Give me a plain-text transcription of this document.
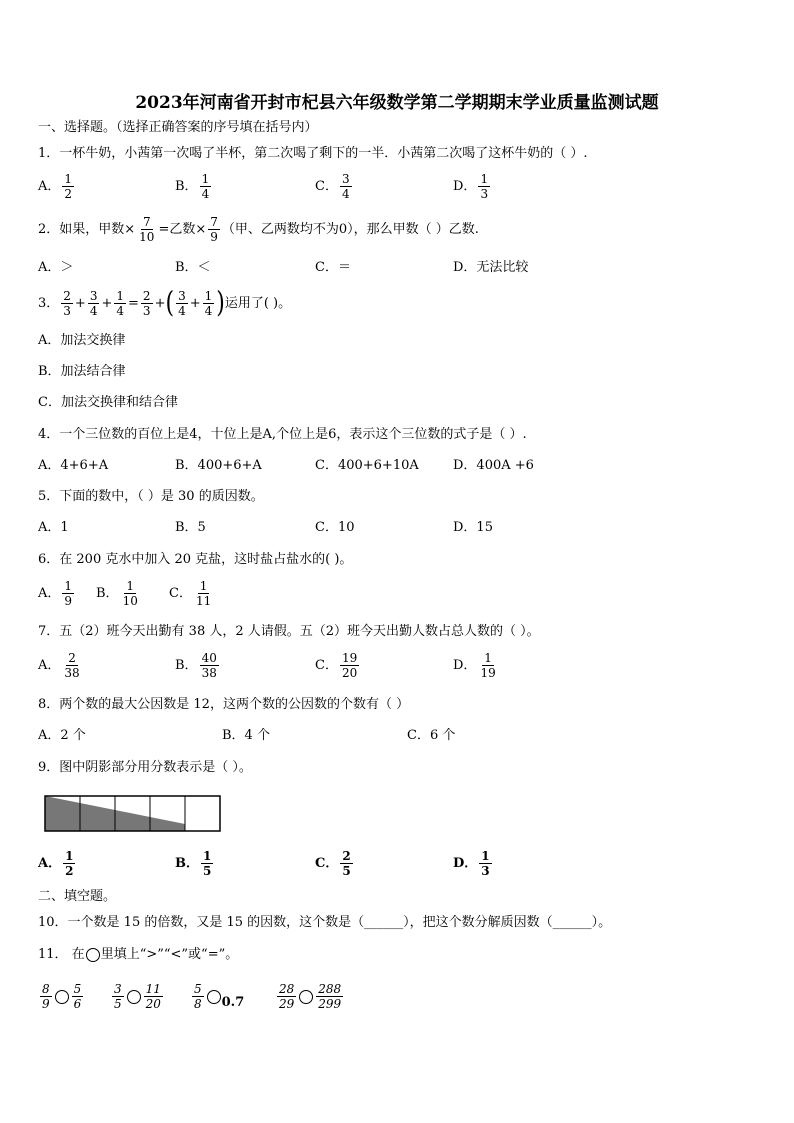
2023年河南省开封市杞县六年级数学第二学期期末学业质量监测试题
一、选择题。（选择正确答案的序号填在括号内）
1．一杯牛奶，小茜第一次喝了半杯，第二次喝了剩下的一半．小茜第二次喝了这杯牛奶的（ ）.
A． $\frac{1}{2}$	B． $\frac{1}{4}$	C． $\frac{3}{4}$	D． $\frac{1}{3}$
2．如果，甲数× $\frac{7}{10}$ =乙数× $\frac{7}{9}$ （甲、乙两数均不为0），那么甲数（ ）乙数.
A．＞	B．＜	C．＝	D．无法比较
3． $\frac{2}{3} + \frac{3}{4} + \frac{1}{4} = \frac{2}{3}$ +( $\frac{3}{4} + \frac{1}{4}$ )运用了( )。
A．加法交换律
B．加法结合律
C．加法交换律和结合律
4．一个三位数的百位上是4，十位上是A,个位上是6，表示这个三位数的式子是（ ）.
A．4+6+A	B．400+6+A	C．400+6+10A	D．400A +6
5．下面的数中，（ ）是 30 的质因数。
A．1	B．5	C．10	D．15
6．在 200 克水中加入 20 克盐，这时盐占盐水的( )。
A． $\frac{1}{9}$ B． $\frac{1}{10}$ C． $\frac{1}{11}$
7．五（2）班今天出勤有 38 人，2 人请假。五（2）班今天出勤人数占总人数的（ ）。
A． $\frac{2}{38}$	B． $\frac{40}{38}$	C． $\frac{19}{20}$	D． $\frac{1}{19}$
8．两个数的最大公因数是 12，这两个数的公因数的个数有（ ）
A．2 个	B．4 个	C．6 个
9．图中阴影部分用分数表示是（ ）。
A． $\frac{1}{2}$	B． $\frac{1}{5}$	C． $\frac{2}{5}$	D． $\frac{1}{3}$
二、填空题。
10．一个数是 15 的倍数，又是 15 的因数，这个数是（______），把这个数分解质因数（______）。
11． 在 里填上“>”“<”或“=”。
$\frac{8}{9} \frac{5}{6} \frac{3}{5} \frac{11}{20} \frac{5}{8} 0.7$	$\frac{28}{29} \frac{288}{299}$
